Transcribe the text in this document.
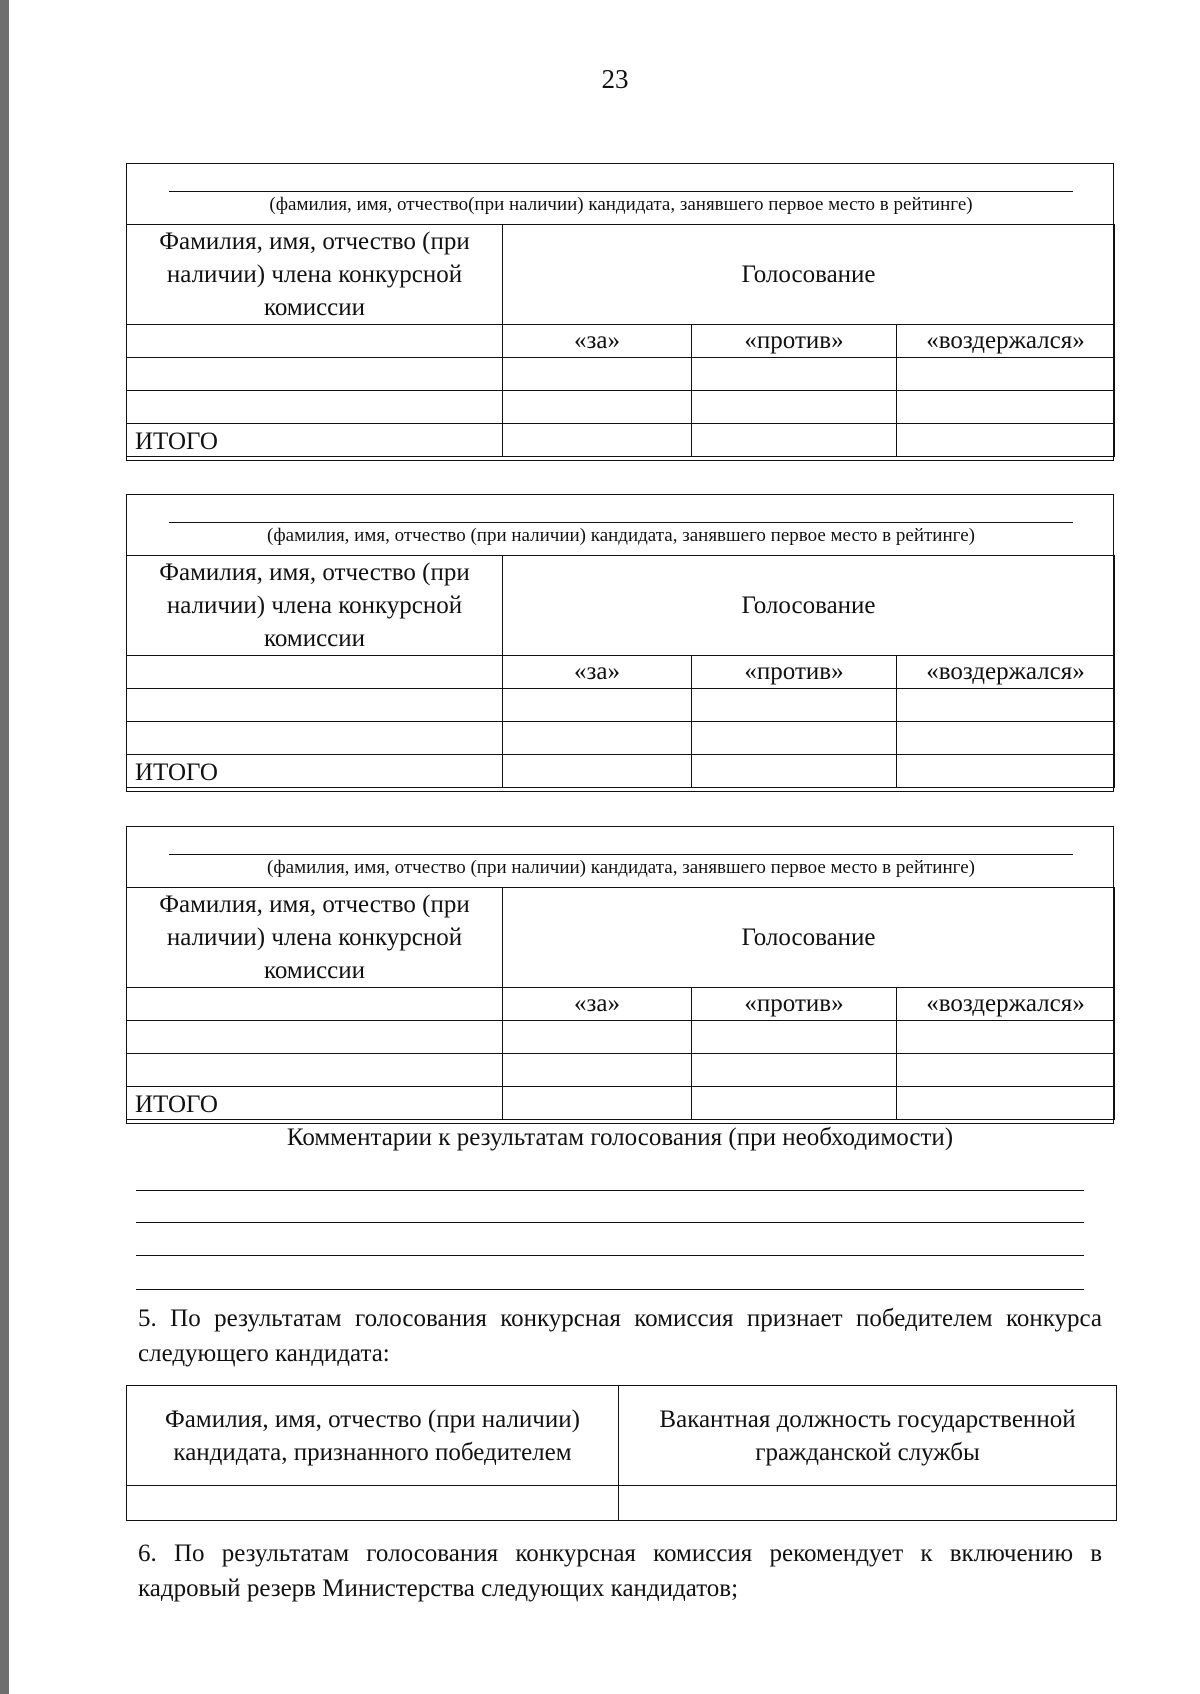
23
(фамилия, имя, отчество(при наличии) кандидата, занявшего первое место в рейтинге)
Фамилия, имя, отчество (при наличии) члена конкурсной комиссии	Голосование		
	«за»	«против»	«воздержался»

ИТОГО			
(фамилия, имя, отчество (при наличии) кандидата, занявшего первое место в рейтинге)
Фамилия, имя, отчество (при наличии) члена конкурсной комиссии	Голосование		
	«за»	«против»	«воздержался»

ИТОГО			
(фамилия, имя, отчество (при наличии) кандидата, занявшего первое место в рейтинге)
Фамилия, имя, отчество (при наличии) члена конкурсной комиссии	Голосование		
	«за»	«против»	«воздержался»

ИТОГО			
Комментарии к результатам голосования (при необходимости)
5. По результатам голосования конкурсная комиссия признает победителем конкурса следующего кандидата:
Фамилия, имя, отчество (при наличии) кандидата, признанного победителем	Вакантная должность государственной гражданской службы

6. По результатам голосования конкурсная комиссия рекомендует к включению в кадровый резерв Министерства следующих кандидатов;
